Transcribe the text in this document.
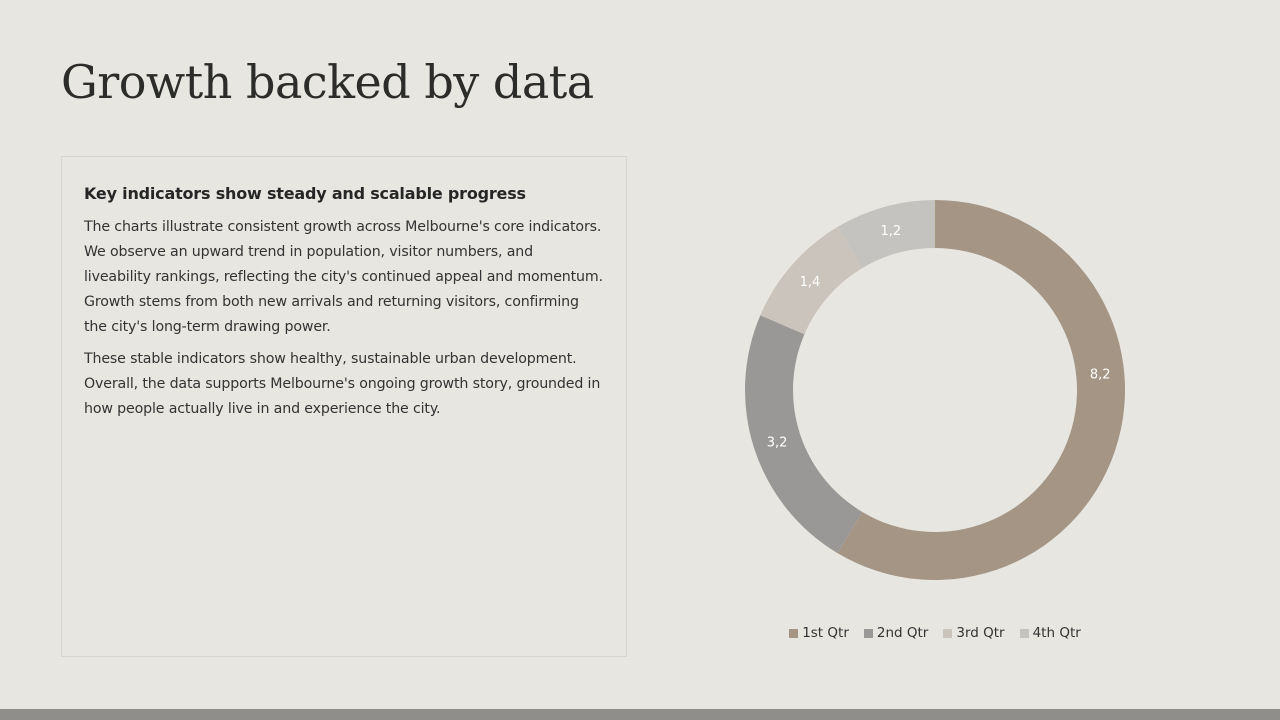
Growth backed by data
Key indicators show steady and scalable progress

The charts illustrate consistent growth across Melbourne's core indicators. We observe an upward trend in population, visitor numbers, and liveability rankings, reflecting the city's continued appeal and momentum. Growth stems from both new arrivals and returning visitors, confirming the city's long-term drawing power.

These stable indicators show healthy, sustainable urban development. Overall, the data supports Melbourne's ongoing growth story, grounded in how people actually live in and experience the city.

8,2
3,2
1,4
1,2
1st Qtr 2nd Qtr 3rd Qtr 4th Qtr
